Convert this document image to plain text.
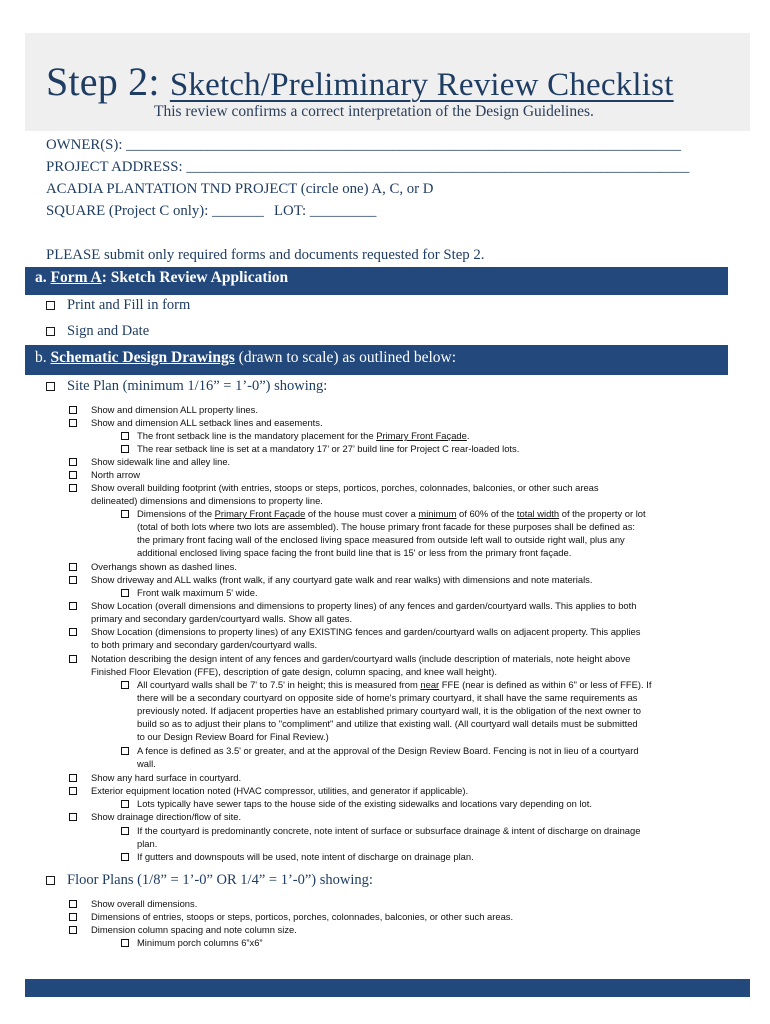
Step 2: Sketch/Preliminary Review Checklist
This review confirms a correct interpretation of the Design Guidelines.
OWNER(S): ___________________________________________________________________________
PROJECT ADDRESS: ____________________________________________________________________
ACADIA PLANTATION TND PROJECT (circle one) A, C, or D
SQUARE (Project C only): _______ LOT: _________
PLEASE submit only required forms and documents requested for Step 2.
a. Form A: Sketch Review Application
Print and Fill in form
Sign and Date
b. Schematic Design Drawings (drawn to scale) as outlined below:
Site Plan (minimum 1/16” = 1’-0”) showing:
Show and dimension ALL property lines.
Show and dimension ALL setback lines and easements.
The front setback line is the mandatory placement for the Primary Front Façade.
The rear setback line is set at a mandatory 17’ or 27’ build line for Project C rear-loaded lots.
Show sidewalk line and alley line.
North arrow
Show overall building footprint (with entries, stoops or steps, porticos, porches, colonnades, balconies, or other such areas
delineated) dimensions and dimensions to property line.
Dimensions of the Primary Front Façade of the house must cover a minimum of 60% of the total width of the property or lot
(total of both lots where two lots are assembled). The house primary front facade for these purposes shall be defined as:
the primary front facing wall of the enclosed living space measured from outside left wall to outside right wall, plus any
additional enclosed living space facing the front build line that is 15' or less from the primary front façade.
Overhangs shown as dashed lines.
Show driveway and ALL walks (front walk, if any courtyard gate walk and rear walks) with dimensions and note materials.
Front walk maximum 5' wide.
Show Location (overall dimensions and dimensions to property lines) of any fences and garden/courtyard walls. This applies to both
primary and secondary garden/courtyard walls. Show all gates.
Show Location (dimensions to property lines) of any EXISTING fences and garden/courtyard walls on adjacent property. This applies
to both primary and secondary garden/courtyard walls.
Notation describing the design intent of any fences and garden/courtyard walls (include description of materials, note height above
Finished Floor Elevation (FFE), description of gate design, column spacing, and knee wall height).
All courtyard walls shall be 7' to 7.5' in height; this is measured from near FFE (near is defined as within 6" or less of FFE). If
there will be a secondary courtyard on opposite side of home's primary courtyard, it shall have the same requirements as
previously noted. If adjacent properties have an established primary courtyard wall, it is the obligation of the next owner to
build so as to adjust their plans to "compliment" and utilize that existing wall. (All courtyard wall details must be submitted
to our Design Review Board for Final Review.)
A fence is defined as 3.5' or greater, and at the approval of the Design Review Board. Fencing is not in lieu of a courtyard
wall.
Show any hard surface in courtyard.
Exterior equipment location noted (HVAC compressor, utilities, and generator if applicable).
Lots typically have sewer taps to the house side of the existing sidewalks and locations vary depending on lot.
Show drainage direction/flow of site.
If the courtyard is predominantly concrete, note intent of surface or subsurface drainage & intent of discharge on drainage
plan.
If gutters and downspouts will be used, note intent of discharge on drainage plan.
Floor Plans (1/8” = 1’-0” OR 1/4” = 1’-0”) showing:
Show overall dimensions.
Dimensions of entries, stoops or steps, porticos, porches, colonnades, balconies, or other such areas.
Dimension column spacing and note column size.
Minimum porch columns 6”x6”
